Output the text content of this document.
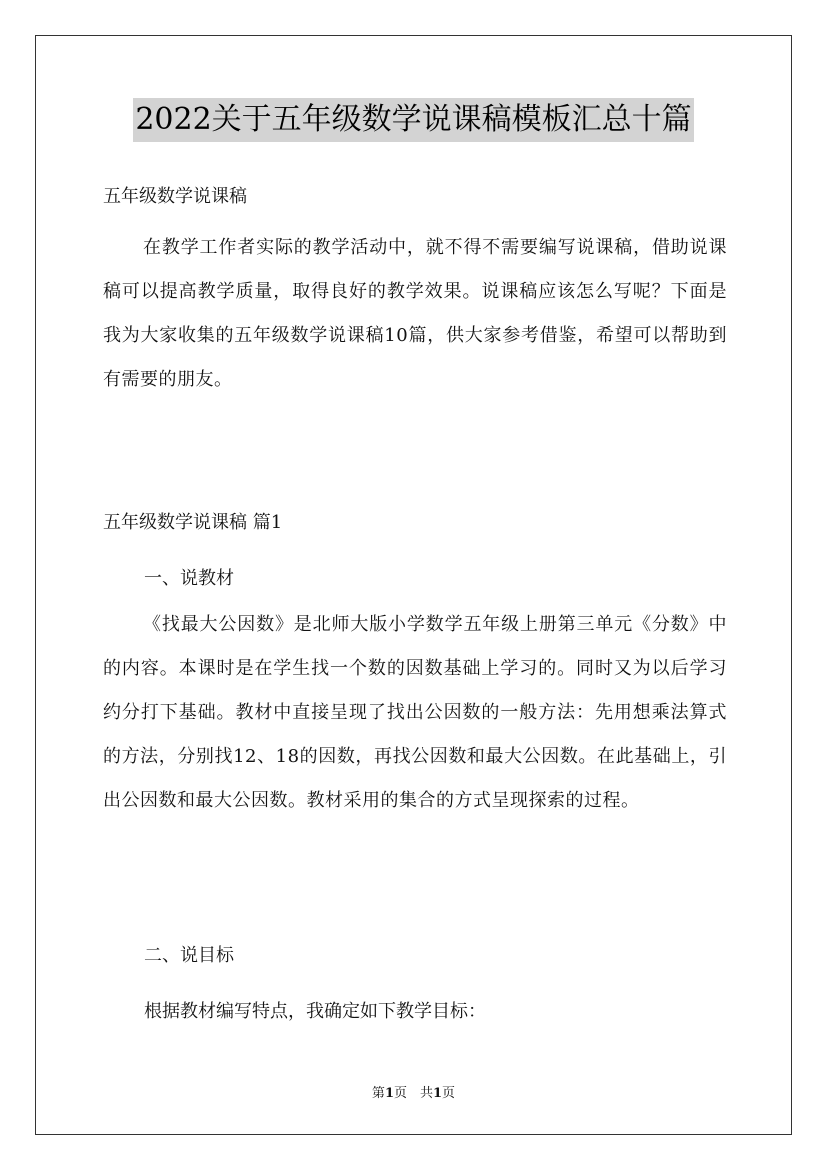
2022关于五年级数学说课稿模板汇总十篇
五年级数学说课稿
在教学工作者实际的教学活动中，就不得不需要编写说课稿，借助说课稿可以提高教学质量，取得良好的教学效果。说课稿应该怎么写呢？下面是我为大家收集的五年级数学说课稿10篇，供大家参考借鉴，希望可以帮助到有需要的朋友。
五年级数学说课稿 篇1
一、说教材
《找最大公因数》是北师大版小学数学五年级上册第三单元《分数》中的内容。本课时是在学生找一个数的因数基础上学习的。同时又为以后学习约分打下基础。教材中直接呈现了找出公因数的一般方法：先用想乘法算式的方法，分别找12、18的因数，再找公因数和最大公因数。在此基础上，引出公因数和最大公因数。教材采用的集合的方式呈现探索的过程。
二、说目标
根据教材编写特点，我确定如下教学目标：
第1页　共1页
